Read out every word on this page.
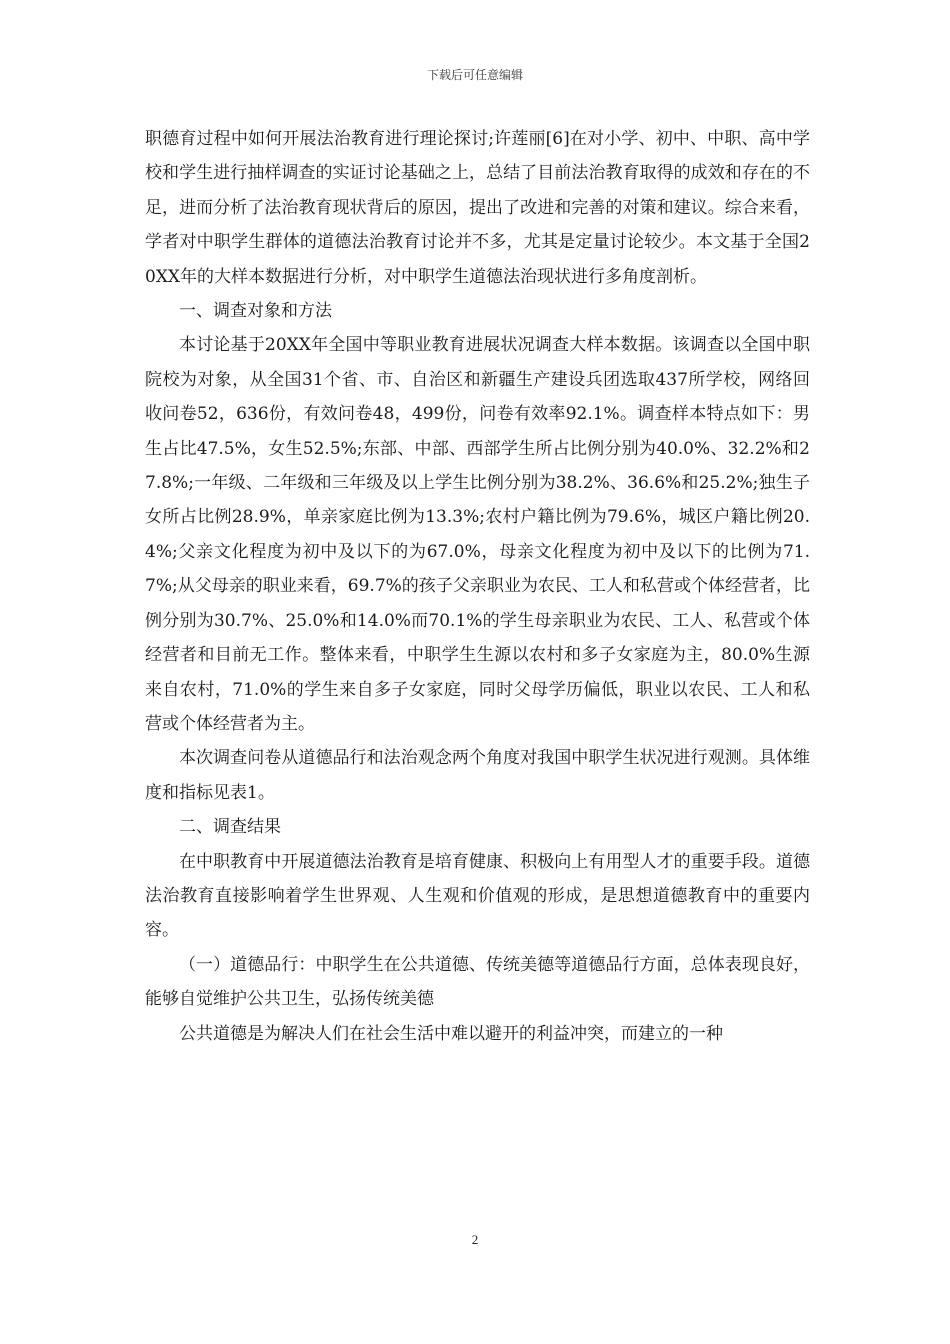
下载后可任意编辑

职德育过程中如何开展法治教育进行理论探讨;许莲丽[6]在对小学、初中、中职、高中学校和学生进行抽样调查的实证讨论基础之上，总结了目前法治教育取得的成效和存在的不足，进而分析了法治教育现状背后的原因，提出了改进和完善的对策和建议。综合来看，学者对中职学生群体的道德法治教育讨论并不多，尤其是定量讨论较少。本文基于全国20XX年的大样本数据进行分析，对中职学生道德法治现状进行多角度剖析。

一、调查对象和方法

本讨论基于20XX年全国中等职业教育进展状况调查大样本数据。该调查以全国中职院校为对象，从全国31个省、市、自治区和新疆生产建设兵团选取437所学校，网络回收问卷52，636份，有效问卷48，499份，问卷有效率92.1%。调查样本特点如下：男生占比47.5%，女生52.5%;东部、中部、西部学生所占比例分别为40.0%、32.2%和27.8%;一年级、二年级和三年级及以上学生比例分别为38.2%、36.6%和25.2%;独生子女所占比例28.9%，单亲家庭比例为13.3%;农村户籍比例为79.6%，城区户籍比例20.4%;父亲文化程度为初中及以下的为67.0%，母亲文化程度为初中及以下的比例为71.7%;从父母亲的职业来看，69.7%的孩子父亲职业为农民、工人和私营或个体经营者，比例分别为30.7%、25.0%和14.0%而70.1%的学生母亲职业为农民、工人、私营或个体经营者和目前无工作。整体来看，中职学生生源以农村和多子女家庭为主，80.0%生源来自农村，71.0%的学生来自多子女家庭，同时父母学历偏低，职业以农民、工人和私营或个体经营者为主。

本次调查问卷从道德品行和法治观念两个角度对我国中职学生状况进行观测。具体维度和指标见表1。

二、调查结果

在中职教育中开展道德法治教育是培育健康、积极向上有用型人才的重要手段。道德法治教育直接影响着学生世界观、人生观和价值观的形成，是思想道德教育中的重要内容。

（一）道德品行：中职学生在公共道德、传统美德等道德品行方面，总体表现良好，能够自觉维护公共卫生，弘扬传统美德

公共道德是为解决人们在社会生活中难以避开的利益冲突，而建立的一种

2
